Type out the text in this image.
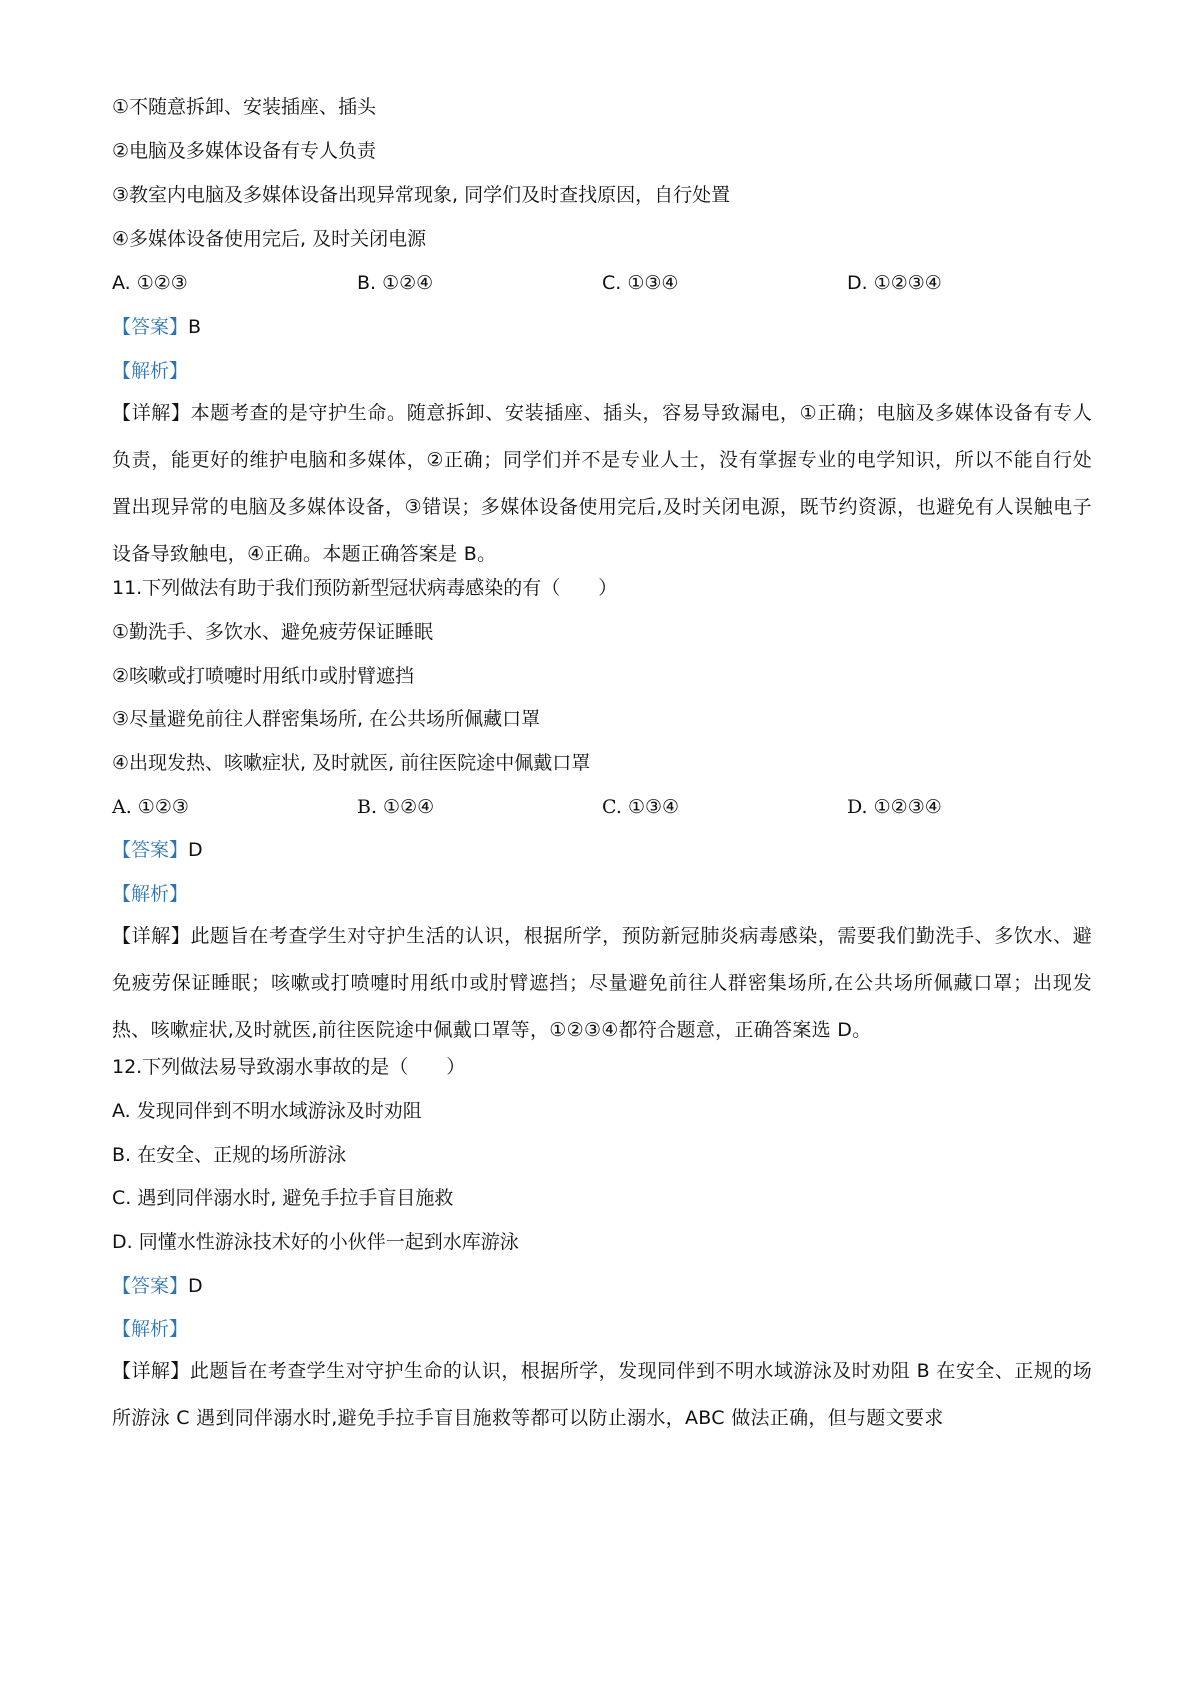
①不随意拆卸、安装插座、插头
②电脑及多媒体设备有专人负责
③教室内电脑及多媒体设备出现异常现象, 同学们及时查找原因，自行处置
④多媒体设备使用完后, 及时关闭电源
A. ①②③	B. ①②④	C. ①③④	D. ①②③④
【答案】B
【解析】
【详解】本题考查的是守护生命。随意拆卸、安装插座、插头，容易导致漏电，①正确；电脑及多媒体设备有专人负责，能更好的维护电脑和多媒体，②正确；同学们并不是专业人士，没有掌握专业的电学知识，所以不能自行处置出现异常的电脑及多媒体设备，③错误；多媒体设备使用完后,及时关闭电源，既节约资源，也避免有人误触电子设备导致触电，④正确。本题正确答案是 B。
11.下列做法有助于我们预防新型冠状病毒感染的有（　　）
①勤洗手、多饮水、避免疲劳保证睡眠
②咳嗽或打喷嚏时用纸巾或肘臂遮挡
③尽量避免前往人群密集场所, 在公共场所佩藏口罩
④出现发热、咳嗽症状, 及时就医, 前往医院途中佩戴口罩
A. ①②③	B. ①②④	C. ①③④	D. ①②③④
【答案】D
【解析】
【详解】此题旨在考查学生对守护生活的认识，根据所学，预防新冠肺炎病毒感染，需要我们勤洗手、多饮水、避免疲劳保证睡眠；咳嗽或打喷嚏时用纸巾或肘臂遮挡；尽量避免前往人群密集场所,在公共场所佩藏口罩；出现发热、咳嗽症状,及时就医,前往医院途中佩戴口罩等，①②③④都符合题意，正确答案选 D。
12.下列做法易导致溺水事故的是（　　）
A. 发现同伴到不明水域游泳及时劝阻
B. 在安全、正规的场所游泳
C. 遇到同伴溺水时, 避免手拉手盲目施救
D. 同懂水性游泳技术好的小伙伴一起到水库游泳
【答案】D
【解析】
【详解】此题旨在考查学生对守护生命的认识，根据所学，发现同伴到不明水域游泳及时劝阻 B 在安全、正规的场所游泳 C 遇到同伴溺水时,避免手拉手盲目施救等都可以防止溺水，ABC 做法正确，但与题文要求
